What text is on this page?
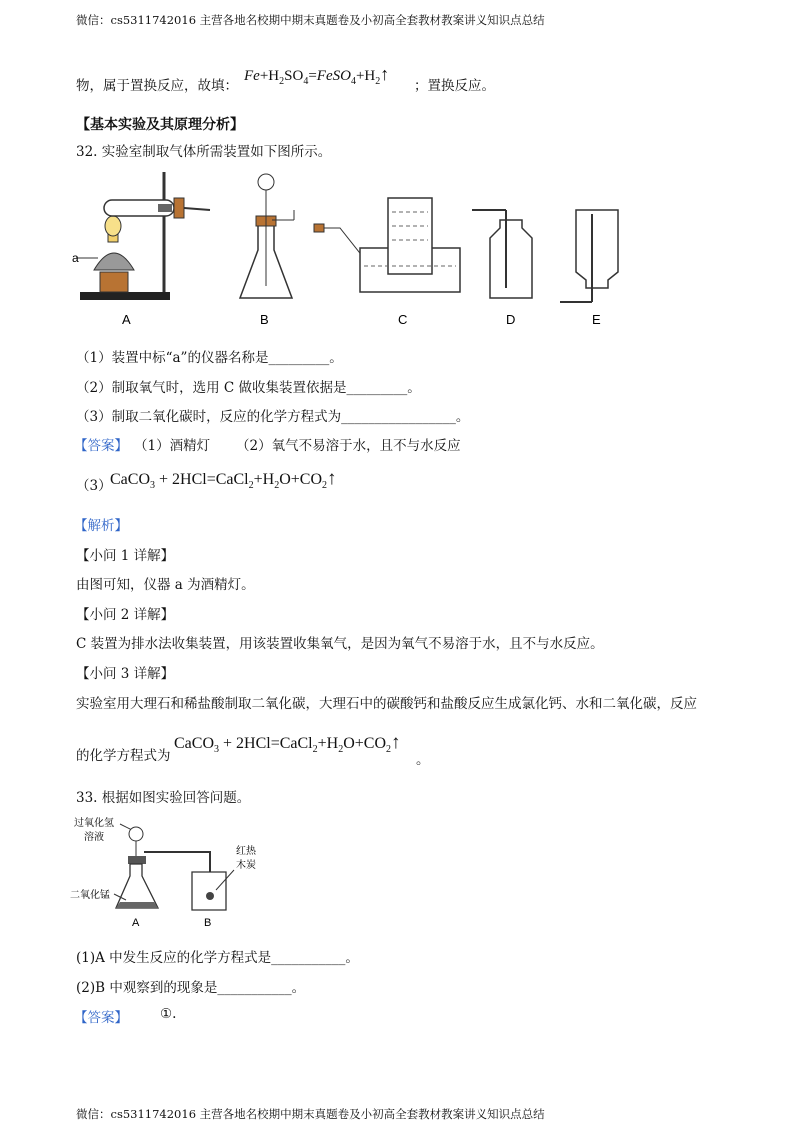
微信：cs5311742016 主营各地名校期中期末真题卷及小初高全套教材教案讲义知识点总结
物，属于置换反应，故填：
$Fe+H_2SO_4=FeSO_4+H_2↑$
；置换反应。
【基本实验及其原理分析】
32. 实验室制取气体所需装置如下图所示。
a
A	B	C	D	E
（1）装置中标“a”的仪器名称是_________。
（2）制取氧气时，选用 C 做收集装置依据是_________。
（3）制取二氧化碳时，反应的化学方程式为_________________。
【答案】 （1）酒精灯 （2）氧气不易溶于水，且不与水反应
（3）
CaCO$_3$ + $2HCl=CaCl_2+H_2O+CO_2↑$
【解析】
【小问 1 详解】
由图可知，仪器 a 为酒精灯。
【小问 2 详解】
C 装置为排水法收集装置，用该装置收集氧气，是因为氧气不易溶于水，且不与水反应。
【小问 3 详解】
实验室用大理石和稀盐酸制取二氧化碳，大理石中的碳酸钙和盐酸反应生成氯化钙、水和二氧化碳，反应
的化学方程式为
CaCO$_3$ + $2HCl=CaCl_2+H_2O+CO_2↑$
。
33. 根据如图实验回答问题。
过氧化氢
溶液
二氧化锰
红热
木炭
A	B
(1)A 中发生反应的化学方程式是___________。
(2)B 中观察到的现象是___________。
【答案】 ①.
微信：cs5311742016 主营各地名校期中期末真题卷及小初高全套教材教案讲义知识点总结
